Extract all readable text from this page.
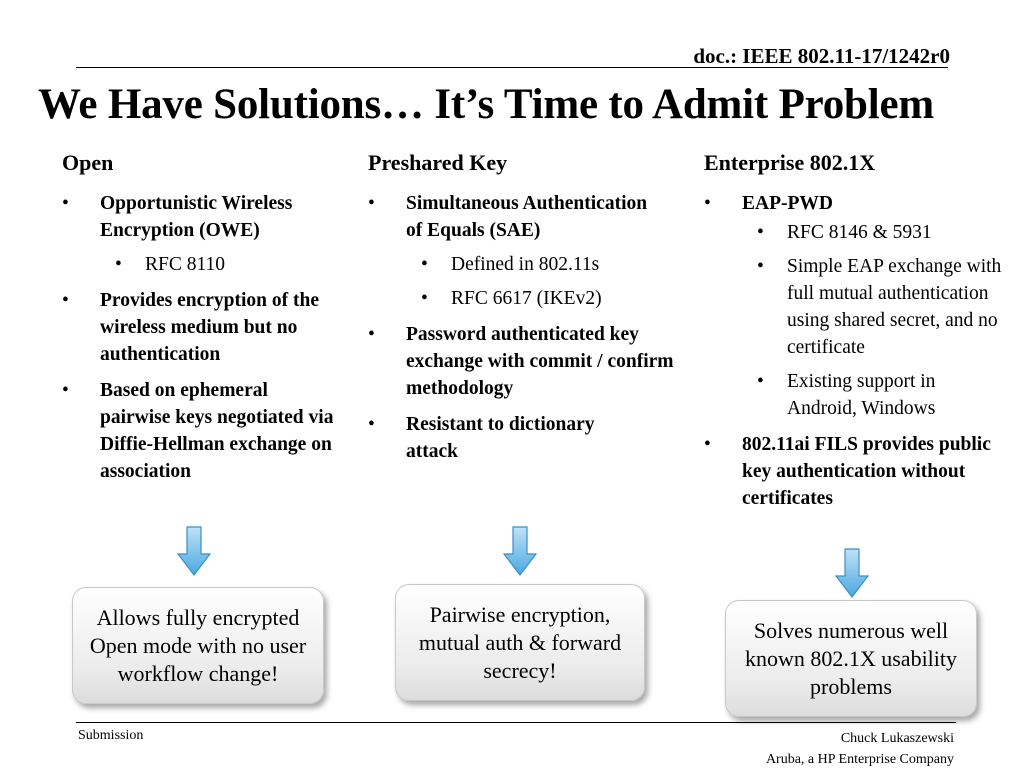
doc.: IEEE 802.11-17/1242r0
We Have Solutions… It’s Time to Admit Problem
Open
• Opportunistic Wireless Encryption (OWE)
• RFC 8110
• Provides encryption of the wireless medium but no authentication
• Based on ephemeral pairwise keys negotiated via Diffie-Hellman exchange on association
Preshared Key
• Simultaneous Authentication of Equals (SAE)
• Defined in 802.11s
• RFC 6617 (IKEv2)
• Password authenticated key exchange with commit / confirm methodology
• Resistant to dictionary attack
Enterprise 802.1X
• EAP-PWD
• RFC 8146 & 5931
• Simple EAP exchange with full mutual authentication using shared secret, and no certificate
• Existing support in Android, Windows
• 802.11ai FILS provides public key authentication without certificates
Allows fully encrypted Open mode with no user workflow change!
Pairwise encryption, mutual auth & forward secrecy!
Solves numerous well known 802.1X usability problems
Submission	Chuck Lukaszewski
Aruba, a HP Enterprise Company
